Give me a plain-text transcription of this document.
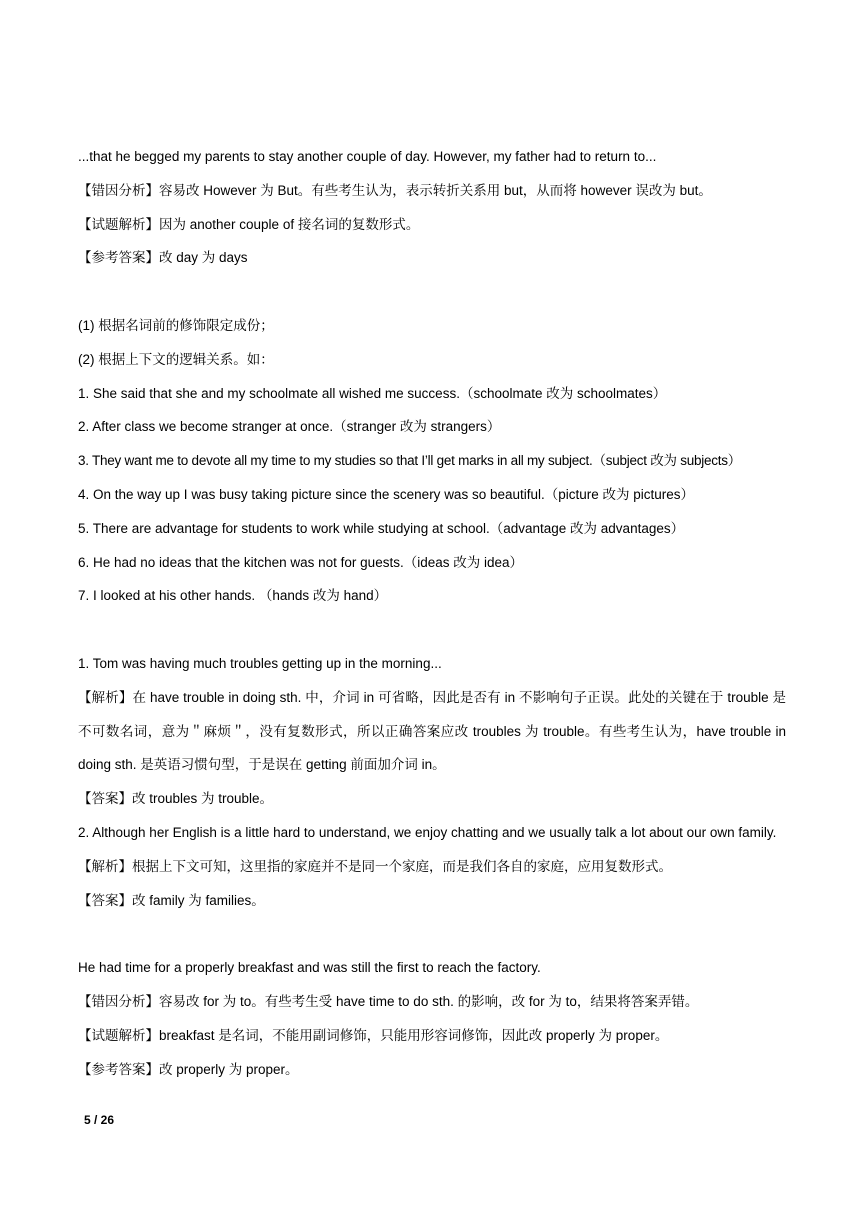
...that he begged my parents to stay another couple of day. However, my father had to return to...
【错因分析】容易改 However 为 But。有些考生认为，表示转折关系用 but，从而将 however 误改为 but。
【试题解析】因为 another couple of 接名词的复数形式。
【参考答案】改 day 为 days
(1) 根据名词前的修饰限定成份；
(2) 根据上下文的逻辑关系。如：
1. She said that she and my schoolmate all wished me success.（schoolmate 改为 schoolmates）
2. After class we become stranger at once.（stranger 改为 strangers）
3. They want me to devote all my time to my studies so that I’ll get marks in all my subject.（subject 改为 subjects）
4. On the way up I was busy taking picture since the scenery was so beautiful.（picture 改为 pictures）
5. There are advantage for students to work while studying at school.（advantage 改为 advantages）
6. He had no ideas that the kitchen was not for guests.（ideas 改为 idea）
7. I looked at his other hands. （hands 改为 hand）
1. Tom was having much troubles getting up in the morning...
【解析】在 have trouble in doing sth. 中，介词 in 可省略，因此是否有 in 不影响句子正误。此处的关键在于 trouble 是不可数名词，意为＂麻烦＂，没有复数形式，所以正确答案应改 troubles 为 trouble。有些考生认为，have trouble in doing sth. 是英语习惯句型，于是误在 getting 前面加介词 in。
【答案】改 troubles 为 trouble。
2. Although her English is a little hard to understand, we enjoy chatting and we usually talk a lot about our own family.
【解析】根据上下文可知，这里指的家庭并不是同一个家庭，而是我们各自的家庭，应用复数形式。
【答案】改 family 为 families。
He had time for a properly breakfast and was still the first to reach the factory.
【错因分析】容易改 for 为 to。有些考生受 have time to do sth. 的影响，改 for 为 to，结果将答案弄错。
【试题解析】breakfast 是名词，不能用副词修饰，只能用形容词修饰，因此改 properly 为 proper。
【参考答案】改 properly 为 proper。
5 / 26
